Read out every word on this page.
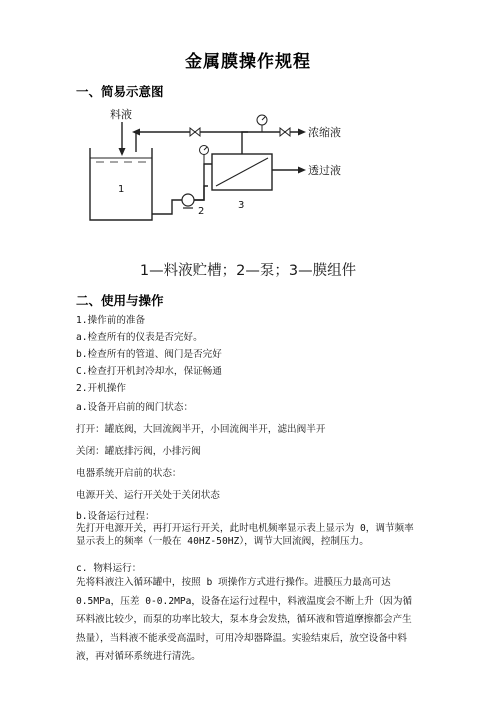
金属膜操作规程
一、简易示意图
料液
浓缩液
透过液
1
2
3
1—料液贮槽；2—泵；3—膜组件
二、使用与操作
1.操作前的准备
a.检查所有的仪表是否完好。
b.检查所有的管道、阀门是否完好
C.检查打开机封冷却水，保证畅通
2.开机操作
a.设备开启前的阀门状态：
打开：罐底阀，大回流阀半开，小回流阀半开，滤出阀半开
关闭：罐底排污阀，小排污阀
电器系统开启前的状态：
电源开关、运行开关处于关闭状态
b.设备运行过程：
先打开电源开关，再打开运行开关，此时电机频率显示表上显示为 0，调节频率显示表上的频率（一般在 40HZ-50HZ），调节大回流阀，控制压力。
c. 物料运行：
先将料液注入循环罐中，按照 b 项操作方式进行操作。进膜压力最高可达 0.5MPa，压差 0-0.2MPa，设备在运行过程中，料液温度会不断上升（因为循环料液比较少，而泵的功率比较大，泵本身会发热，循环液和管道摩擦都会产生热量），当料液不能承受高温时，可用冷却器降温。实验结束后，放空设备中料液，再对循环系统进行清洗。
